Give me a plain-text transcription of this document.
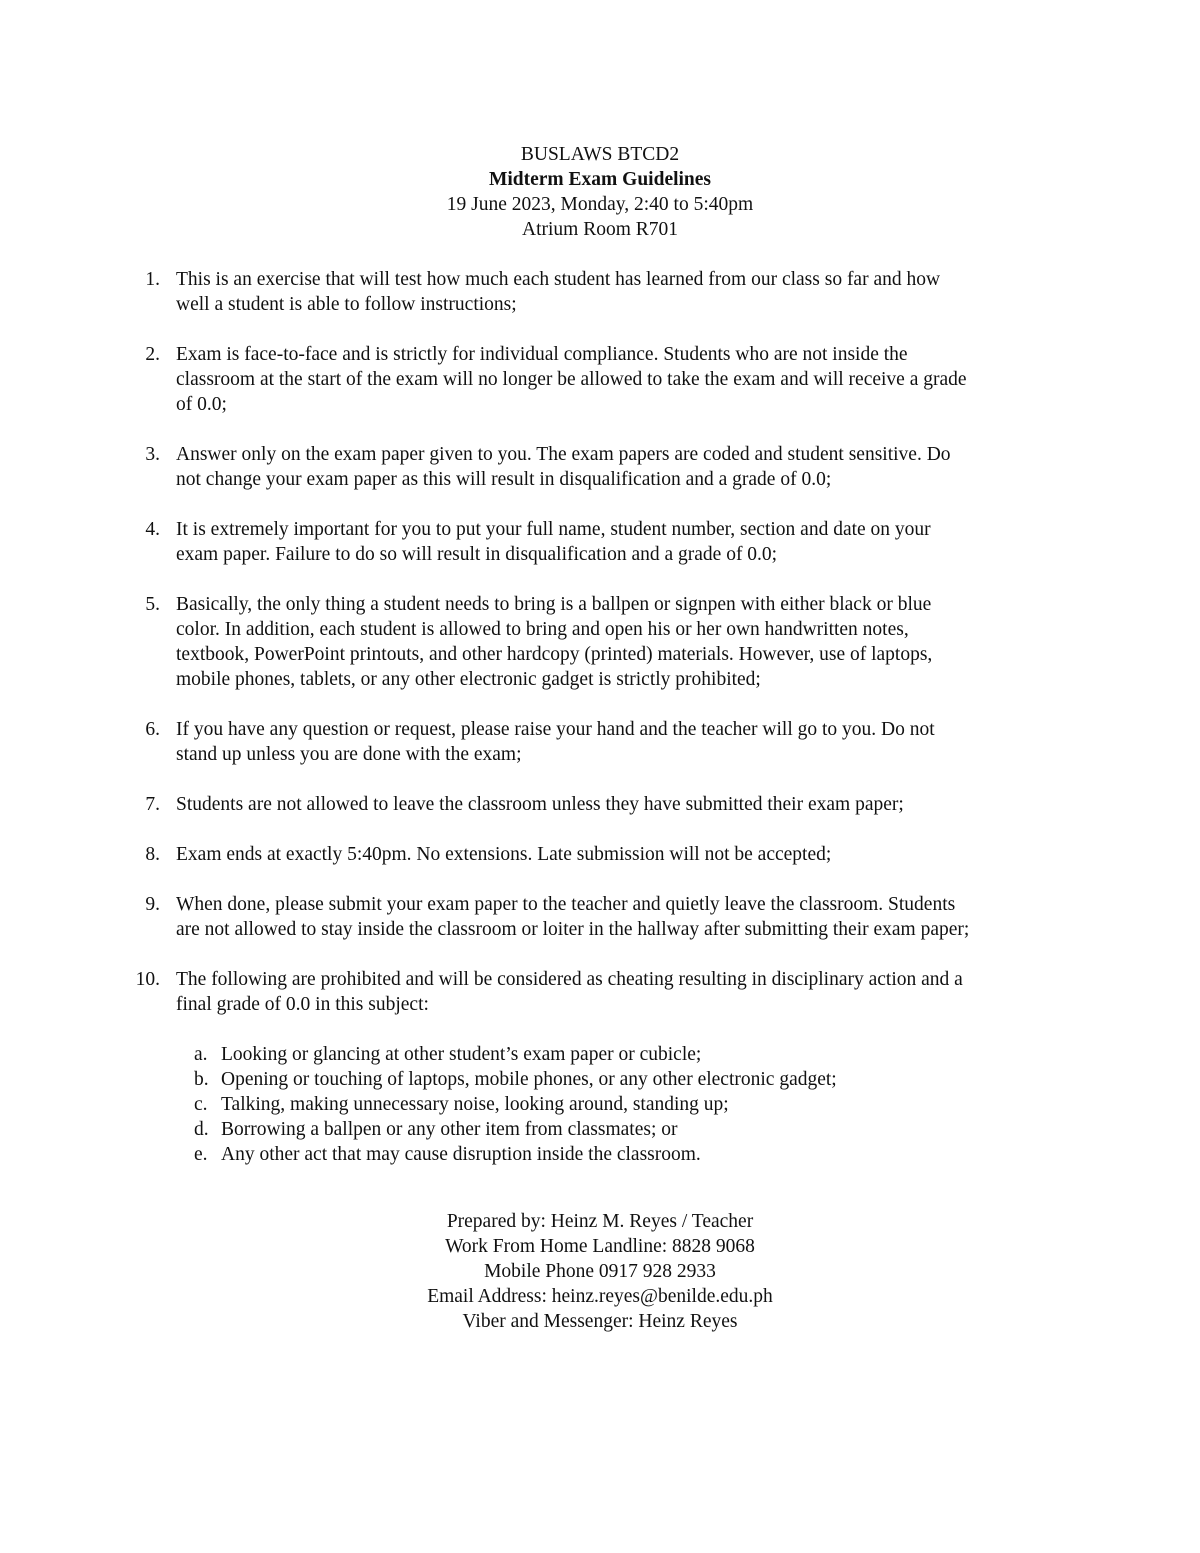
BUSLAWS BTCD2
Midterm Exam Guidelines
19 June 2023, Monday, 2:40 to 5:40pm
Atrium Room R701
1. This is an exercise that will test how much each student has learned from our class so far and how
well a student is able to follow instructions;
2. Exam is face-to-face and is strictly for individual compliance. Students who are not inside the
classroom at the start of the exam will no longer be allowed to take the exam and will receive a grade
of 0.0;
3. Answer only on the exam paper given to you. The exam papers are coded and student sensitive. Do
not change your exam paper as this will result in disqualification and a grade of 0.0;
4. It is extremely important for you to put your full name, student number, section and date on your
exam paper. Failure to do so will result in disqualification and a grade of 0.0;
5. Basically, the only thing a student needs to bring is a ballpen or signpen with either black or blue
color. In addition, each student is allowed to bring and open his or her own handwritten notes,
textbook, PowerPoint printouts, and other hardcopy (printed) materials. However, use of laptops,
mobile phones, tablets, or any other electronic gadget is strictly prohibited;
6. If you have any question or request, please raise your hand and the teacher will go to you. Do not
stand up unless you are done with the exam;
7. Students are not allowed to leave the classroom unless they have submitted their exam paper;
8. Exam ends at exactly 5:40pm. No extensions. Late submission will not be accepted;
9. When done, please submit your exam paper to the teacher and quietly leave the classroom. Students
are not allowed to stay inside the classroom or loiter in the hallway after submitting their exam paper;
10. The following are prohibited and will be considered as cheating resulting in disciplinary action and a
final grade of 0.0 in this subject:
a. Looking or glancing at other student’s exam paper or cubicle;
b. Opening or touching of laptops, mobile phones, or any other electronic gadget;
c. Talking, making unnecessary noise, looking around, standing up;
d. Borrowing a ballpen or any other item from classmates; or
e. Any other act that may cause disruption inside the classroom.
Prepared by: Heinz M. Reyes / Teacher
Work From Home Landline: 8828 9068
Mobile Phone 0917 928 2933
Email Address: heinz.reyes@benilde.edu.ph
Viber and Messenger: Heinz Reyes
